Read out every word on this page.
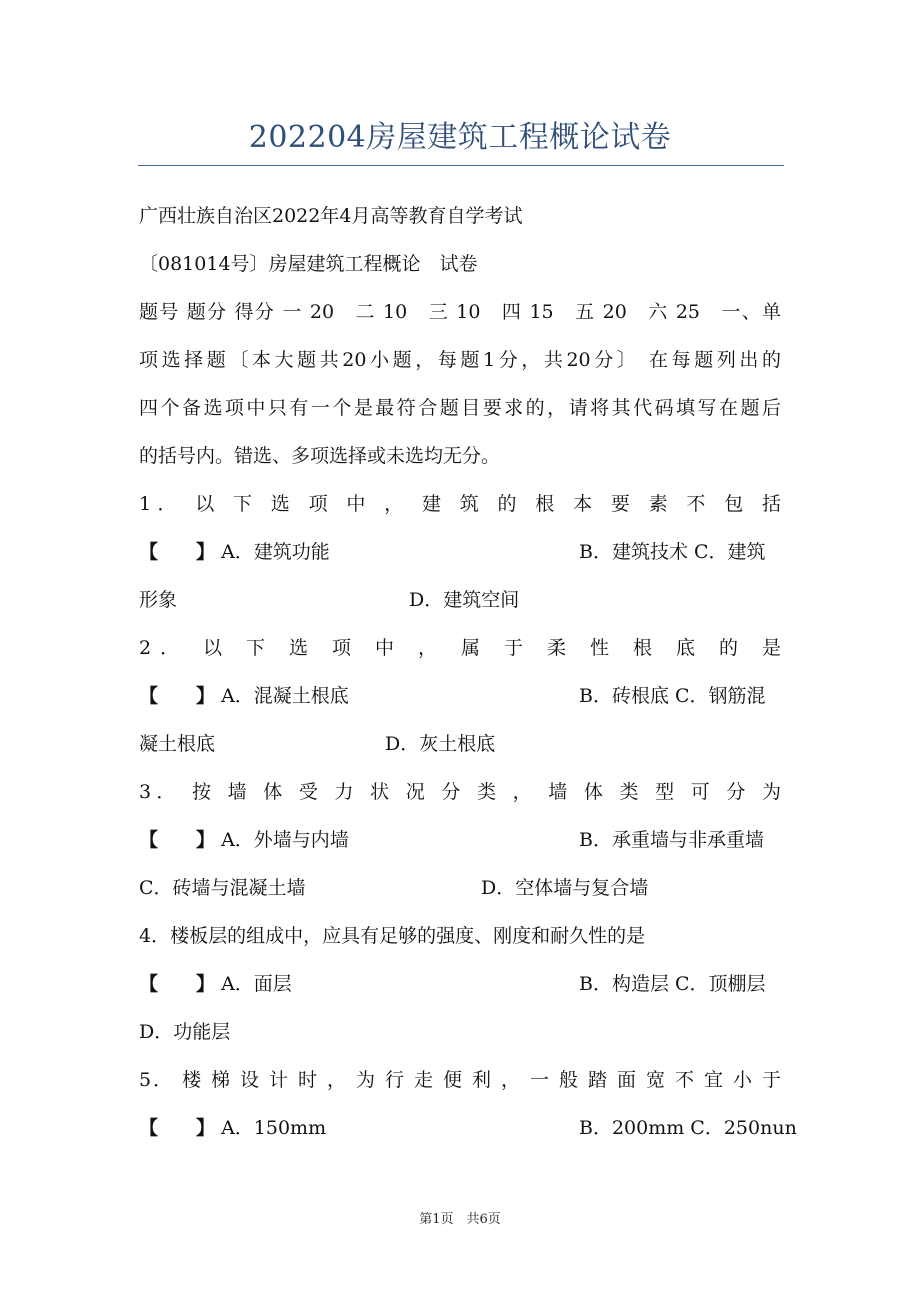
202204房屋建筑工程概论试卷
广西壮族自治区2022年4月高等教育自学考试
〔081014号〕房屋建筑工程概论　试卷
题号 题分 得分 一 20　二 10　三 10　四 15　五 20　六 25　一、单
项选择题〔本大题共20小题，每题1分，共20分〕 在每题列出的
四个备选项中只有一个是最符合题目要求的，请将其代码填写在题后
的括号内。错选、多项选择或未选均无分。
1． 以 下 选 项 中 ， 建 筑 的 根 本 要 素 不 包 括
【　　】 A．建筑功能	B．建筑技术 C．建筑
形象	D．建筑空间
2． 以 下 选 项 中 ， 属 于 柔 性 根 底 的 是
【　　】 A．混凝土根底	B．砖根底 C．钢筋混
凝土根底	D．灰土根底
3． 按 墙 体 受 力 状 况 分 类 ， 墙 体 类 型 可 分 为
【　　】 A．外墙与内墙	B．承重墙与非承重墙
C．砖墙与混凝土墙	D．空体墙与复合墙
4．楼板层的组成中，应具有足够的强度、刚度和耐久性的是
【　　】 A．面层	B．构造层 C．顶棚层
D．功能层
5． 楼 梯 设 计 时 ， 为 行 走 便 利 ， 一 般 踏 面 宽 不 宜 小 于
【　　】 A．150mm	B．200mm C．250nun
第1页　共6页
